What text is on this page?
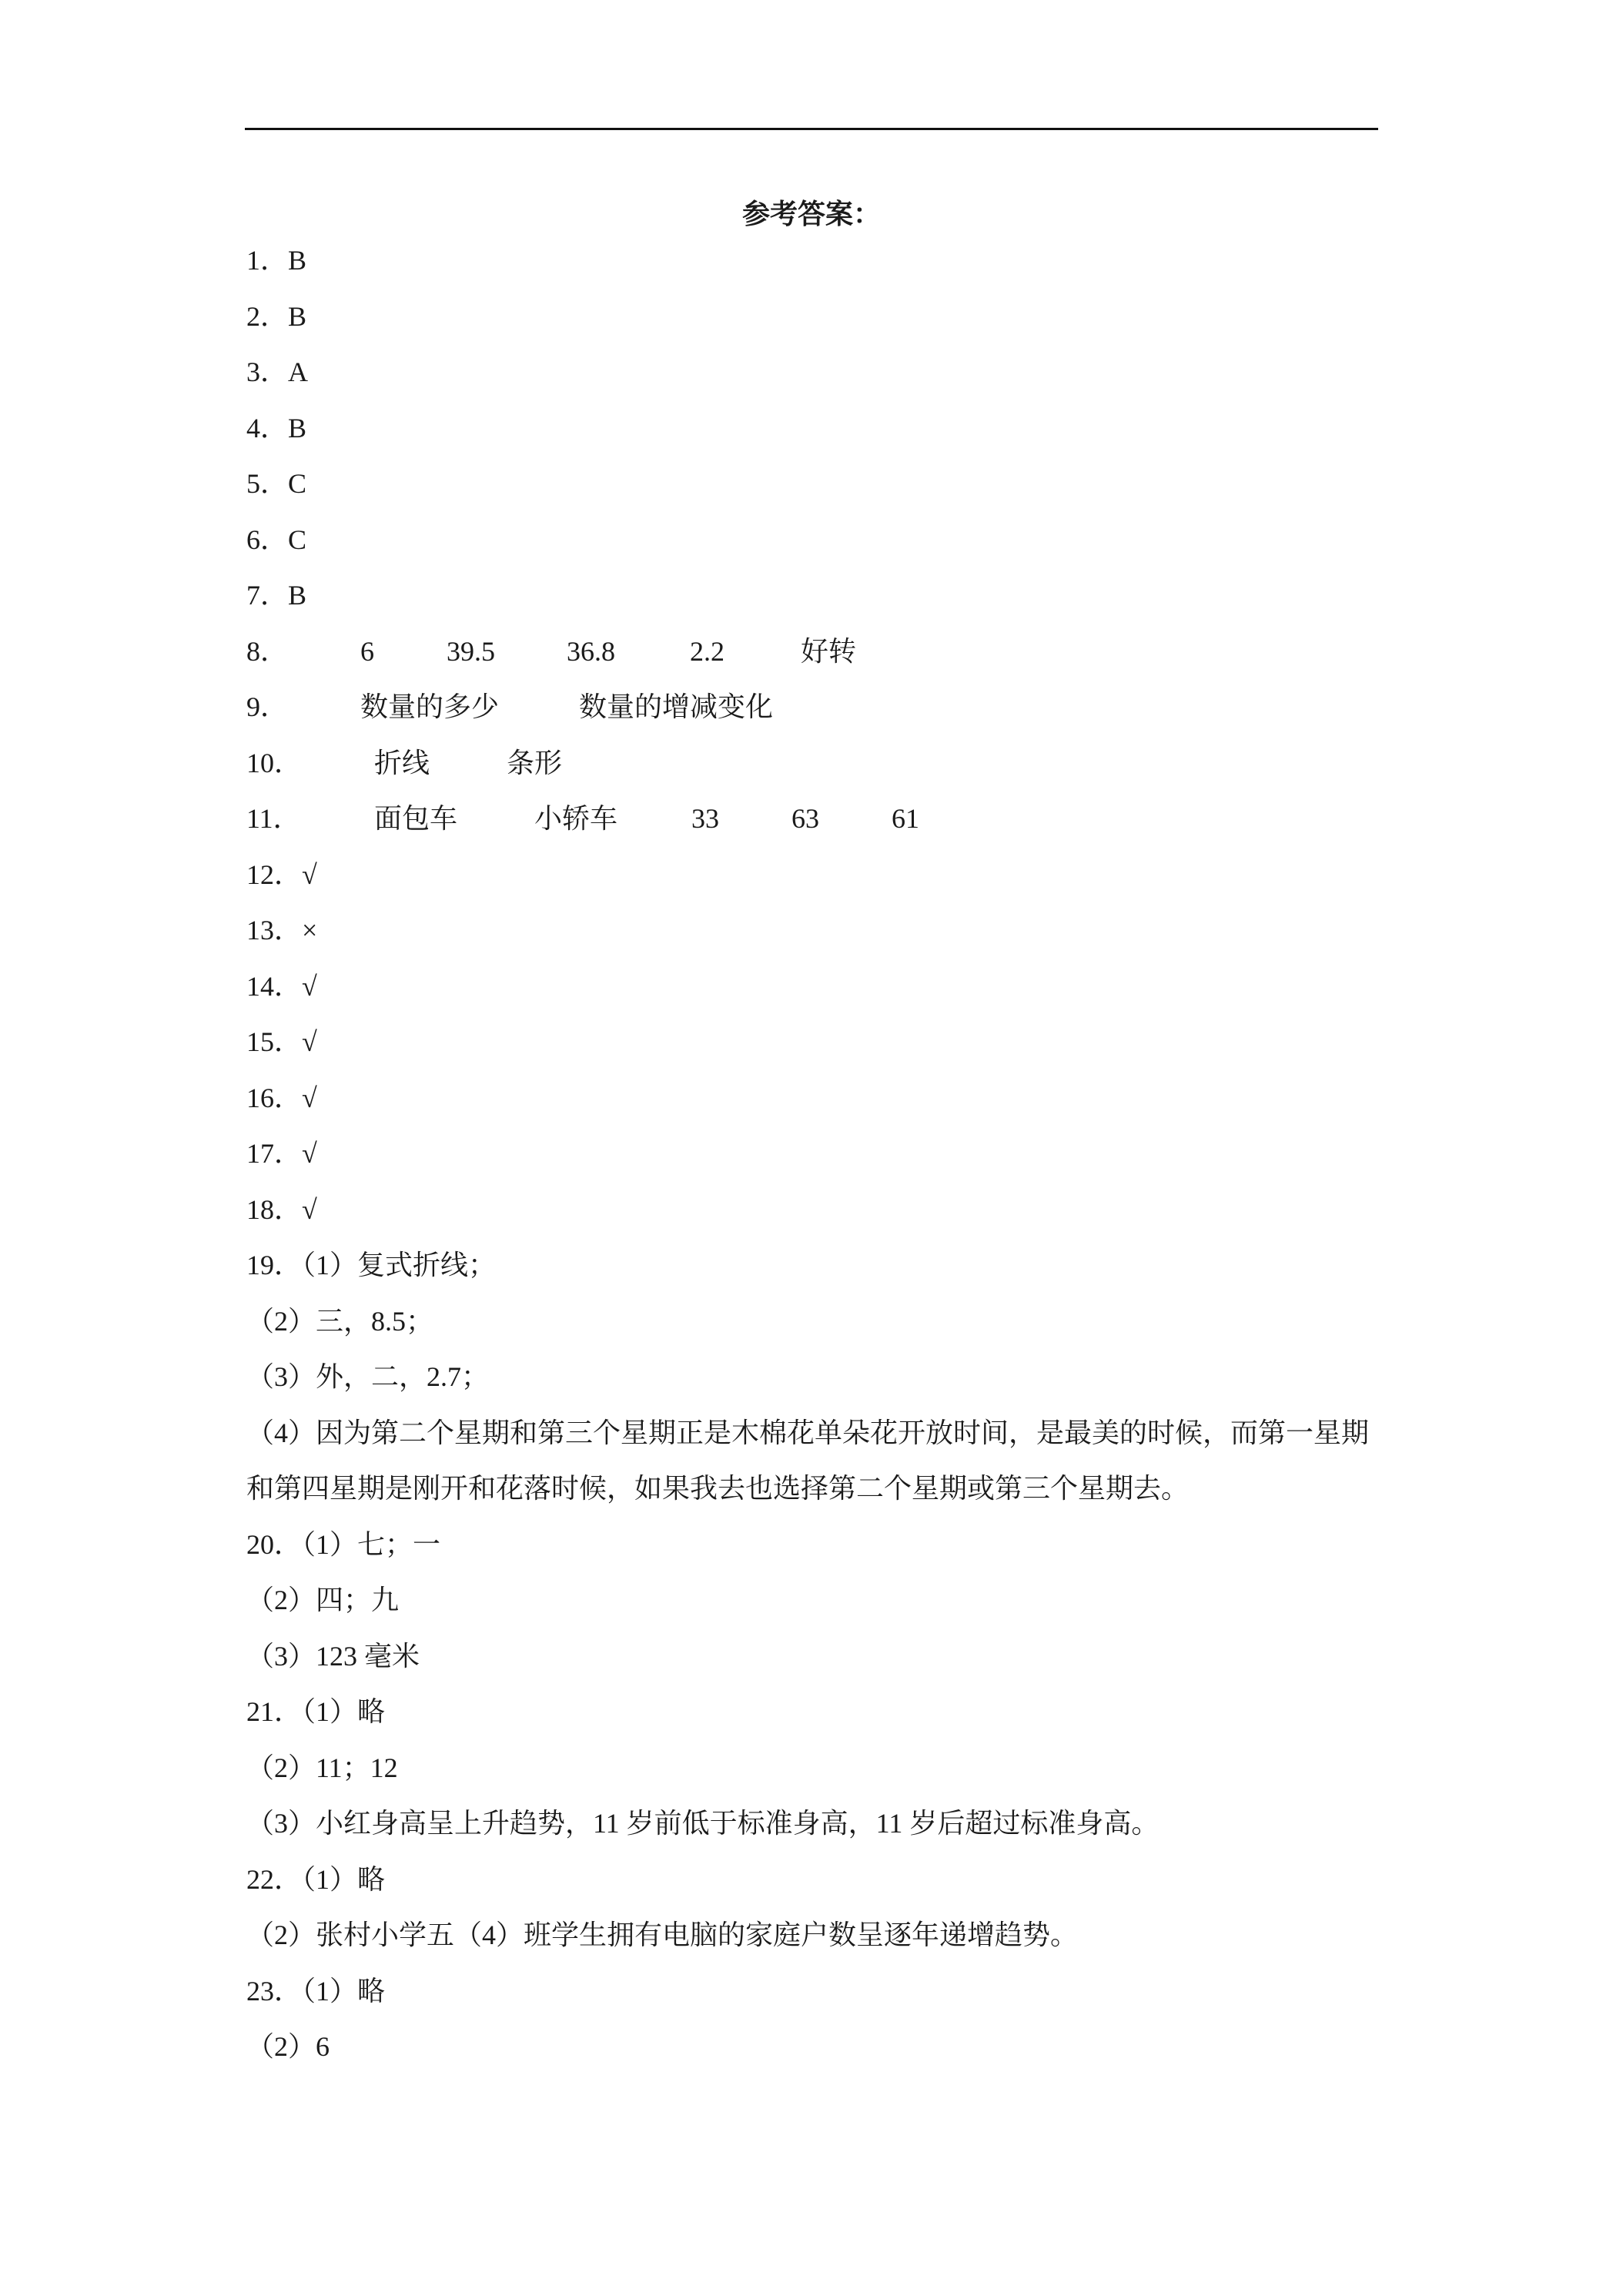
参考答案：
1．B
2．B
3．A
4．B
5．C
6．C
7．B
8．	6	39.5	36.8	2.2	好转
9．	数量的多少	数量的增减变化
10．	折线	条形
11．	面包车	小轿车	33	63	61
12．√
13．×
14．√
15．√
16．√
17．√
18．√
19．（1）复式折线；
（2）三，8.5；
（3）外，二，2.7；
（4）因为第二个星期和第三个星期正是木棉花单朵花开放时间，是最美的时候，而第一星期和第四星期是刚开和花落时候，如果我去也选择第二个星期或第三个星期去。
20．（1）七；一
（2）四；九
（3）123 毫米
21．（1）略
（2）11；12
（3）小红身高呈上升趋势，11 岁前低于标准身高，11 岁后超过标准身高。
22．（1）略
（2）张村小学五（4）班学生拥有电脑的家庭户数呈逐年递增趋势。
23．（1）略
（2）6
